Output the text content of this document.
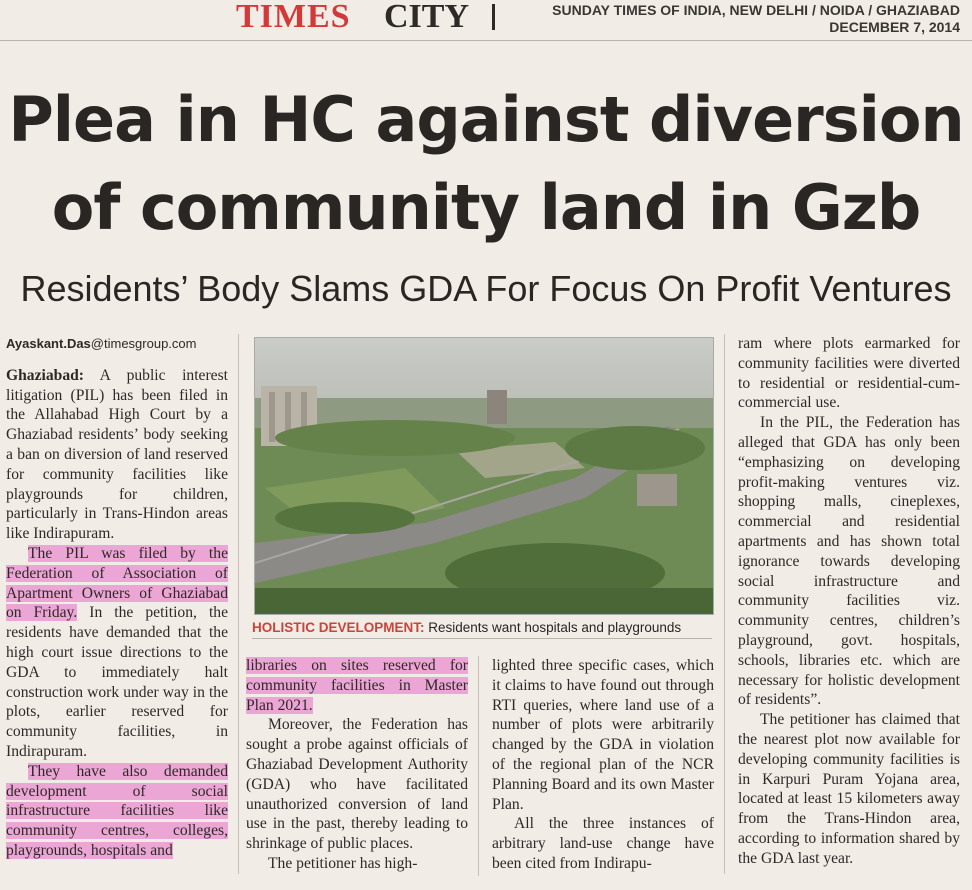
TIMES CITY	SUNDAY TIMES OF INDIA, NEW DELHI / NOIDA / GHAZIABAD
DECEMBER 7, 2014
Plea in HC against diversion
of community land in Gzb
Residents’ Body Slams GDA For Focus On Profit Ventures
Ayaskant.Das@timesgroup.com

Ghaziabad: A public interest litigation (PIL) has been filed in the Allahabad High Court by a Ghaziabad residents’ body seeking a ban on diversion of land reserved for community facilities like playgrounds for children, particularly in Trans-Hindon areas like Indirapuram.

The PIL was filed by the Federation of Association of Apartment Owners of Ghaziabad on Friday. In the petition, the residents have demanded that the high court issue directions to the GDA to immediately halt construction work under way in the plots, earlier reserved for community facilities, in Indirapuram.

They have also demanded development of social infrastructure facilities like community centres, colleges, playgrounds, hospitals and

HOLISTIC DEVELOPMENT: Residents want hospitals and playgrounds

libraries on sites reserved for community facilities in Master Plan 2021.

Moreover, the Federation has sought a probe against officials of Ghaziabad Development Authority (GDA) who have facilitated unauthorized conversion of land use in the past, thereby leading to shrinkage of public places.

The petitioner has high-

lighted three specific cases, which it claims to have found out through RTI queries, where land use of a number of plots were arbitrarily changed by the GDA in violation of the regional plan of the NCR Planning Board and its own Master Plan.

All the three instances of arbitrary land-use change have been cited from Indirapu-

ram where plots earmarked for community facilities were diverted to residential or residential-cum-commercial use.

In the PIL, the Federation has alleged that GDA has only been “emphasizing on developing profit-making ventures viz. shopping malls, cineplexes, commercial and residential apartments and has shown total ignorance towards developing social infrastructure and community facilities viz. community centres, children’s playground, govt. hospitals, schools, libraries etc. which are necessary for holistic development of residents”.

The petitioner has claimed that the nearest plot now available for developing community facilities is in Karpuri Puram Yojana area, located at least 15 kilometers away from the Trans-Hindon area, according to information shared by the GDA last year.
